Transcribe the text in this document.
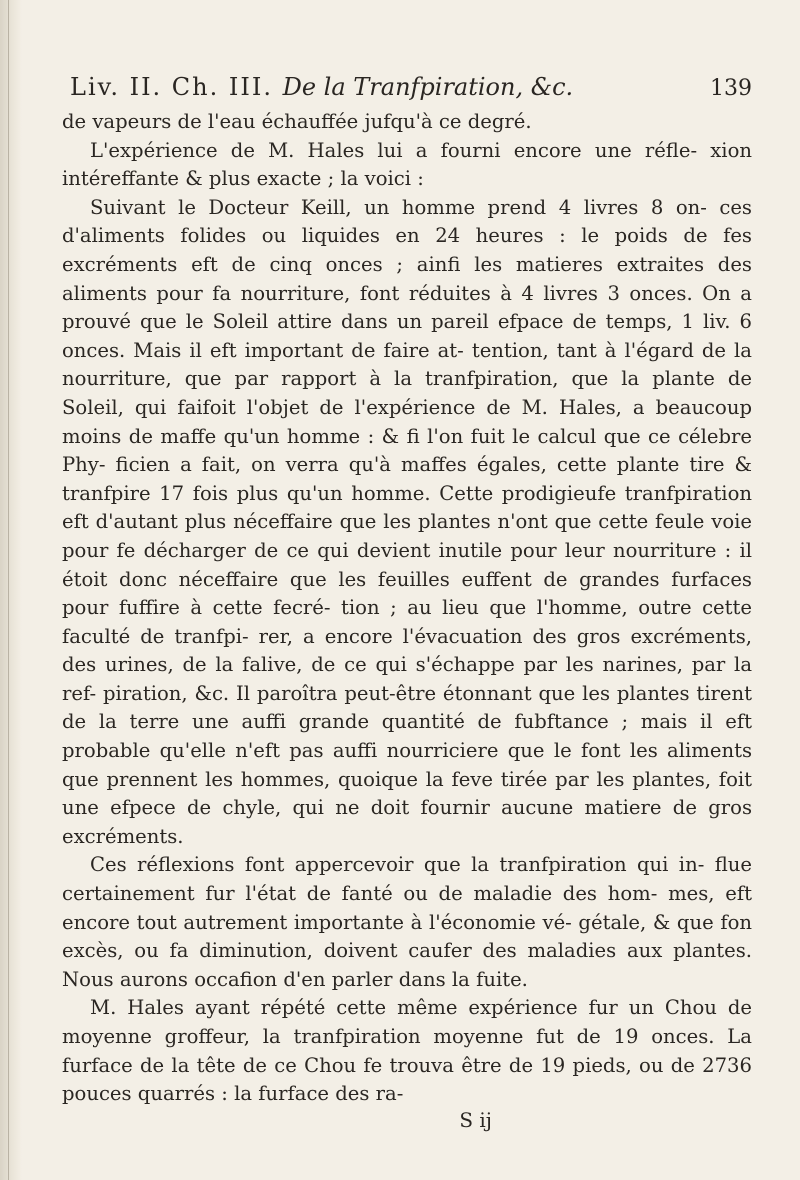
Liv. II. Ch. III. De la Tranfpiration, &c.	139

de vapeurs de l'eau échauffée jufqu'à ce degré.

L'expérience de M. Hales lui a fourni encore une réfle- xion intéreffante & plus exacte ; la voici :

Suivant le Docteur Keill, un homme prend 4 livres 8 on- ces d'aliments folides ou liquides en 24 heures : le poids de fes excréments eft de cinq onces ; ainfi les matieres extraites des aliments pour fa nourriture, font réduites à 4 livres 3 onces. On a prouvé que le Soleil attire dans un pareil efpace de temps, 1 liv. 6 onces. Mais il eft important de faire at- tention, tant à l'égard de la nourriture, que par rapport à la tranfpiration, que la plante de Soleil, qui faifoit l'objet de l'expérience de M. Hales, a beaucoup moins de maffe qu'un homme : & fi l'on fuit le calcul que ce célebre Phy- ficien a fait, on verra qu'à maffes égales, cette plante tire & tranfpire 17 fois plus qu'un homme. Cette prodigieufe tranfpiration eft d'autant plus néceffaire que les plantes n'ont que cette feule voie pour fe décharger de ce qui devient inutile pour leur nourriture : il étoit donc néceffaire que les feuilles euffent de grandes furfaces pour fuffire à cette fecré- tion ; au lieu que l'homme, outre cette faculté de tranfpi- rer, a encore l'évacuation des gros excréments, des urines, de la falive, de ce qui s'échappe par les narines, par la ref- piration, &c. Il paroîtra peut-être étonnant que les plantes tirent de la terre une auffi grande quantité de fubftance ; mais il eft probable qu'elle n'eft pas auffi nourriciere que le font les aliments que prennent les hommes, quoique la feve tirée par les plantes, foit une efpece de chyle, qui ne doit fournir aucune matiere de gros excréments.

Ces réflexions font appercevoir que la tranfpiration qui in- flue certainement fur l'état de fanté ou de maladie des hom- mes, eft encore tout autrement importante à l'économie vé- gétale, & que fon excès, ou fa diminution, doivent caufer des maladies aux plantes. Nous aurons occafion d'en parler dans la fuite.

M. Hales ayant répété cette même expérience fur un Chou de moyenne groffeur, la tranfpiration moyenne fut de 19 onces. La furface de la tête de ce Chou fe trouva être de 19 pieds, ou de 2736 pouces quarrés : la furface des ra-

S ij
